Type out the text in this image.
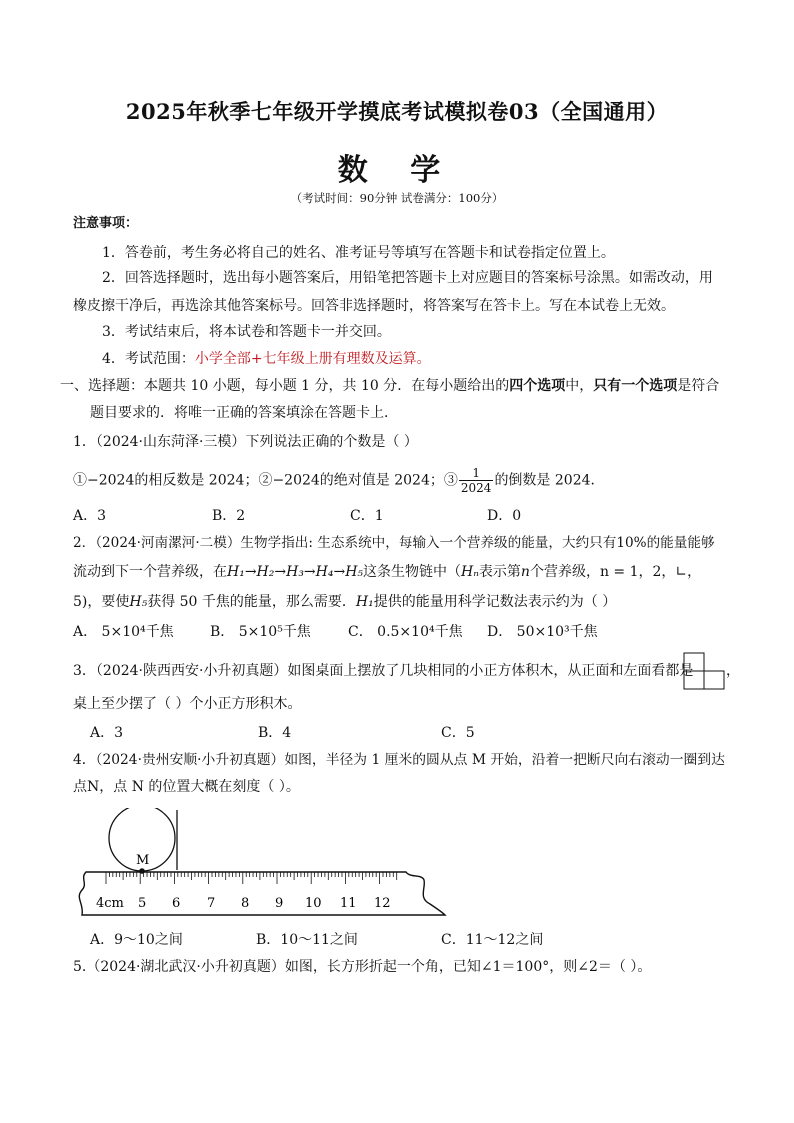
2025年秋季七年级开学摸底考试模拟卷03（全国通用）
数 学
（考试时间：90分钟 试卷满分：100分）
注意事项：
1．答卷前，考生务必将自己的姓名、准考证号等填写在答题卡和试卷指定位置上。
2．回答选择题时，选出每小题答案后，用铅笔把答题卡上对应题目的答案标号涂黑。如需改动，用
橡皮擦干净后，再选涂其他答案标号。回答非选择题时，将答案写在答卡上。写在本试卷上无效。
3．考试结束后，将本试卷和答题卡一并交回。
4．考试范围：小学全部+七年级上册有理数及运算。
一、选择题：本题共 10 小题，每小题 1 分，共 10 分．在每小题给出的四个选项中，只有一个选项是符合
题目要求的．将唯一正确的答案填涂在答题卡上．
1．（2024·山东菏泽·三模）下列说法正确的个数是（ ）
①−2024的相反数是 2024；②−2024的绝对值是 2024；③ $\frac{1}{2024}$ 的倒数是 2024．
A．3	B．2	C．1	D．0
2．（2024·河南漯河·二模）生物学指出: 生态系统中，每输入一个营养级的能量，大约只有10%的能量能够
流动到下一个营养级，在H₁→H₂→H₃→H₄→H₅这条生物链中（Hₙ表示第n个营养级，n = 1，2，∟，
5)，要使H₅获得 50 千焦的能量，那么需要．H₁提供的能量用科学记数法表示约为（ ）
A． 5×10⁴千焦	B． 5×10⁵千焦	C． 0.5×10⁴千焦 D． 50×10³千焦
3．（2024·陕西西安·小升初真题）如图桌面上摆放了几块相同的小正方体积木，从正面和左面看都是 ，
桌上至少摆了（ ）个小正方形积木。
A．3	B．4	C．5
4．（2024·贵州安顺·小升初真题）如图，半径为 1 厘米的圆从点 M 开始，沿着一把断尺向右滚动一圈到达
点N，点 N 的位置大概在刻度（ ）。
M
4cm 5 6 7 8 9 10 11 12
A．9～10之间	B．10～11之间	C．11～12之间
5.（2024·湖北武汉·小升初真题）如图，长方形折起一个角，已知∠1＝100°，则∠2＝（ ）。
